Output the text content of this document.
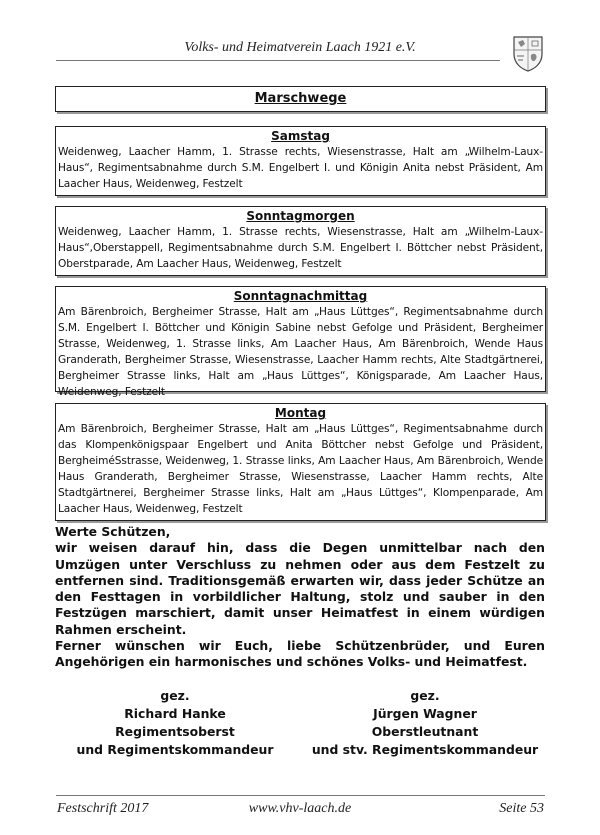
Volks- und Heimatverein Laach 1921 e.V.
Marschwege
Samstag
Weidenweg, Laacher Hamm, 1. Strasse rechts, Wiesenstrasse, Halt am „Wilhelm-Laux-Haus“, Regimentsabnahme durch S.M. Engelbert I. und Königin Anita nebst Präsident, Am Laacher Haus, Weidenweg, Festzelt
Sonntagmorgen
Weidenweg, Laacher Hamm, 1. Strasse rechts, Wiesenstrasse, Halt am „Wilhelm-Laux-Haus“,Oberstappell, Regimentsabnahme durch S.M. Engelbert I. Böttcher nebst Präsident, Oberstparade, Am Laacher Haus, Weidenweg, Festzelt
Sonntagnachmittag
Am Bärenbroich, Bergheimer Strasse, Halt am „Haus Lüttges“, Regimentsabnahme durch S.M. Engelbert I. Böttcher und Königin Sabine nebst Gefolge und Präsident, Bergheimer Strasse, Weidenweg, 1. Strasse links, Am Laacher Haus, Am Bärenbroich, Wende Haus Granderath, Bergheimer Strasse, Wiesenstrasse, Laacher Hamm rechts, Alte Stadtgärtnerei, Bergheimer Strasse links, Halt am „Haus Lüttges“, Königsparade, Am Laacher Haus, Weidenweg, Festzelt
Montag
Am Bärenbroich, Bergheimer Strasse, Halt am „Haus Lüttges“, Regimentsabnahme durch das Klompenkönigspaar Engelbert und Anita Böttcher nebst Gefolge und Präsident, BergheiméSstrasse, Weidenweg, 1. Strasse links, Am Laacher Haus, Am Bärenbroich, Wende Haus Granderath, Bergheimer Strasse, Wiesenstrasse, Laacher Hamm rechts, Alte Stadtgärtnerei, Bergheimer Strasse links, Halt am „Haus Lüttges“, Klompenparade, Am Laacher Haus, Weidenweg, Festzelt

Werte Schützen,

wir weisen darauf hin, dass die Degen unmittelbar nach den Umzügen unter Verschluss zu nehmen oder aus dem Festzelt zu entfernen sind. Traditionsgemäß erwarten wir, dass jeder Schütze an den Festtagen in vorbildlicher Haltung, stolz und sauber in den Festzügen marschiert, damit unser Heimatfest in einem würdigen Rahmen erscheint.

Ferner wünschen wir Euch, liebe Schützenbrüder, und Euren Angehörigen ein harmonisches und schönes Volks- und Heimatfest.

gez.
Richard Hanke
Regimentsoberst
und Regimentskommandeur
gez.
Jürgen Wagner
Oberstleutnant
und stv. Regimentskommandeur
Festschrift 2017	www.vhv-laach.de	Seite 53
